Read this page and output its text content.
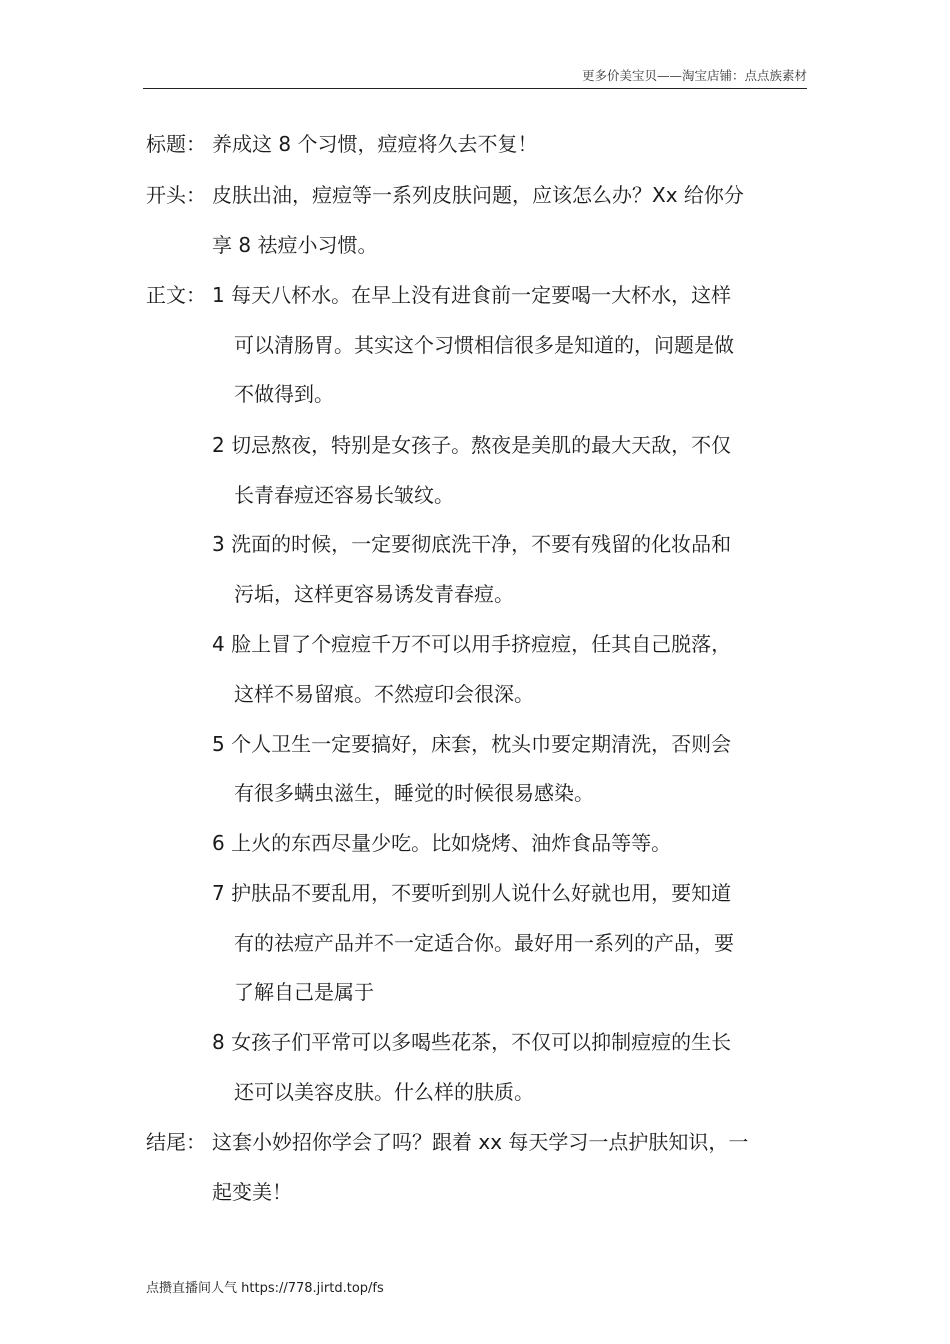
更多价美宝贝——淘宝店铺：点点族素材
标题： 养成这 8 个习惯，痘痘将久去不复！
开头： 皮肤出油，痘痘等一系列皮肤问题，应该怎么办？Xx 给你分
享 8 祛痘小习惯。
正文： 1 每天八杯水。在早上没有进食前一定要喝一大杯水，这样
可以清肠胃。其实这个习惯相信很多是知道的，问题是做
不做得到。
2 切忌熬夜，特别是女孩子。熬夜是美肌的最大天敌，不仅
长青春痘还容易长皱纹。
3 洗面的时候，一定要彻底洗干净，不要有残留的化妆品和
污垢，这样更容易诱发青春痘。
4 脸上冒了个痘痘千万不可以用手挤痘痘，任其自己脱落，
这样不易留痕。不然痘印会很深。
5 个人卫生一定要搞好，床套，枕头巾要定期清洗，否则会
有很多螨虫滋生，睡觉的时候很易感染。
6 上火的东西尽量少吃。比如烧烤、油炸食品等等。
7 护肤品不要乱用，不要听到别人说什么好就也用，要知道
有的祛痘产品并不一定适合你。最好用一系列的产品，要
了解自己是属于
8 女孩子们平常可以多喝些花茶，不仅可以抑制痘痘的生长
还可以美容皮肤。什么样的肤质。
结尾： 这套小妙招你学会了吗？跟着 xx 每天学习一点护肤知识，一
起变美！
点攒直播间人气 https://778.jirtd.top/fs
